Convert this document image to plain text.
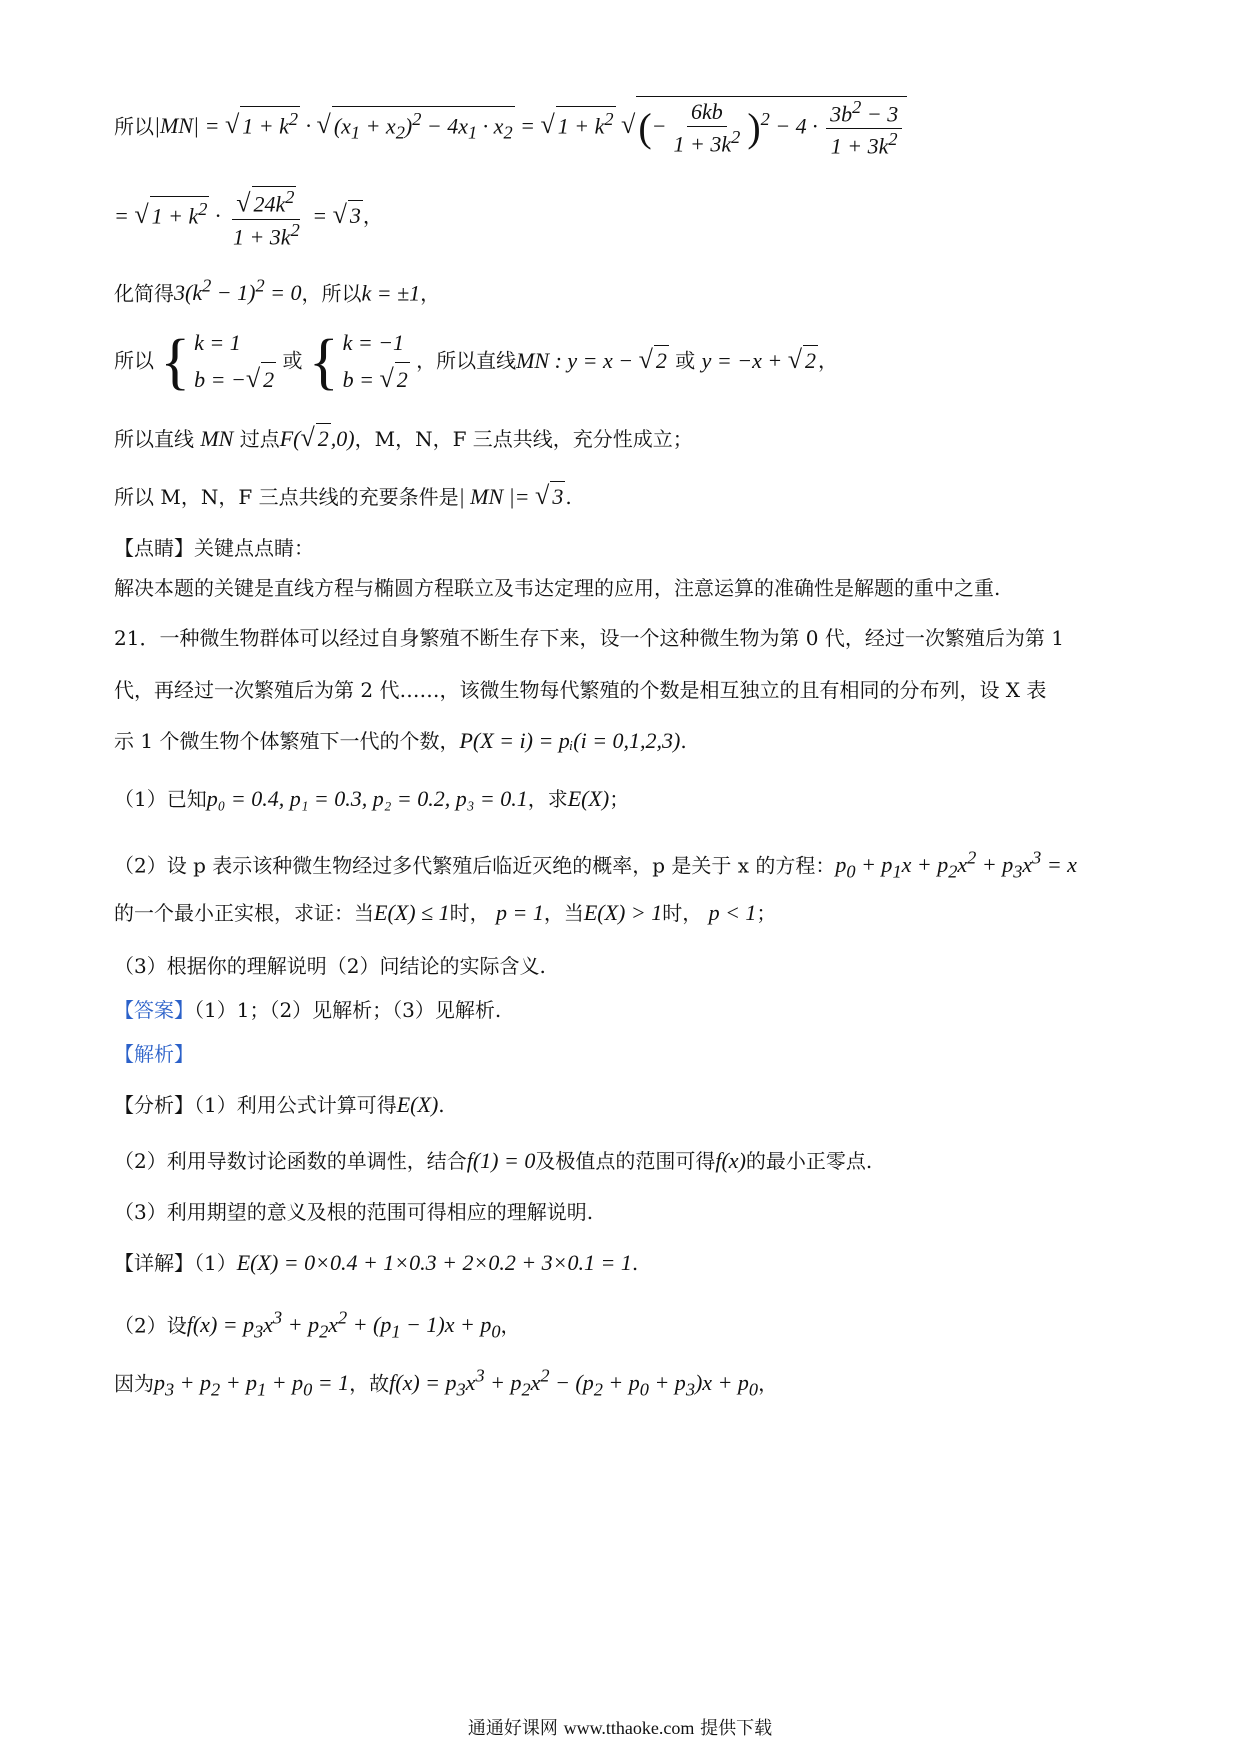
所以|MN| = √ $1 + k^2$ · √ $(x_1 + x_2)^2 - 4x_1 \cdot x_2$ = √ $1 + k^2$ √(− $\frac{6kb}{1 + 3k^2} )^2 - 4 \cdot \frac{3b^2 - 3}{1 + 3k^2}$
= √ $1 + k^2 \cdot \frac{√ 24k^2}{1 + 3k^2}$ = √ 3 ，
化简得$3(k^2 - 1)^2 = 0$，所以k = ±1，
所以 { k = 1
b = −√ 2
或 { k = −1
b = √ 2
，所以直线MN : y = x − √ 2 或 y = −x + √ 2 ，
所以直线 MN 过点F(√ 2,0)，M，N，F 三点共线，充分性成立；
所以 M，N，F 三点共线的充要条件是| MN |= √ 3 .
【点睛】关键点点睛：
解决本题的关键是直线方程与椭圆方程联立及韦达定理的应用，注意运算的准确性是解题的重中之重.
21．一种微生物群体可以经过自身繁殖不断生存下来，设一个这种微生物为第 0 代，经过一次繁殖后为第 1
代，再经过一次繁殖后为第 2 代……，该微生物每代繁殖的个数是相互独立的且有相同的分布列，设 X 表
示 1 个微生物个体繁殖下一代的个数，P(X = i) = pᵢ(i = 0,1,2,3).
（1）已知p₀ = 0.4, p₁ = 0.3, p₂ = 0.2, p₃ = 0.1，求E(X)；
（2）设 p 表示该种微生物经过多代繁殖后临近灭绝的概率，p 是关于 x 的方程：$p_0 + p_1x + p_2x^2 + p_3x^3 = x$
的一个最小正实根，求证：当E(X) ≤ 1时， p = 1，当E(X) > 1时， p < 1；
（3）根据你的理解说明（2）问结论的实际含义.
【答案】（1）1；（2）见解析；（3）见解析.
【解析】
【分析】（1）利用公式计算可得E(X).
（2）利用导数讨论函数的单调性，结合f(1) = 0及极值点的范围可得f(x)的最小正零点.
（3）利用期望的意义及根的范围可得相应的理解说明.
【详解】（1）E(X) = 0×0.4 + 1×0.3 + 2×0.2 + 3×0.1 = 1.
（2）设$f(x) = p_3x^3 + p_2x^2 + (p_1 - 1)x + p_0$，
因为$p_3 + p_2 + p_1 + p_0 = 1$，故$f(x) = p_3x^3 + p_2x^2 - (p_2 + p_0 + p_3)x + p_0$，
通通好课网 www.tthaoke.com 提供下载
